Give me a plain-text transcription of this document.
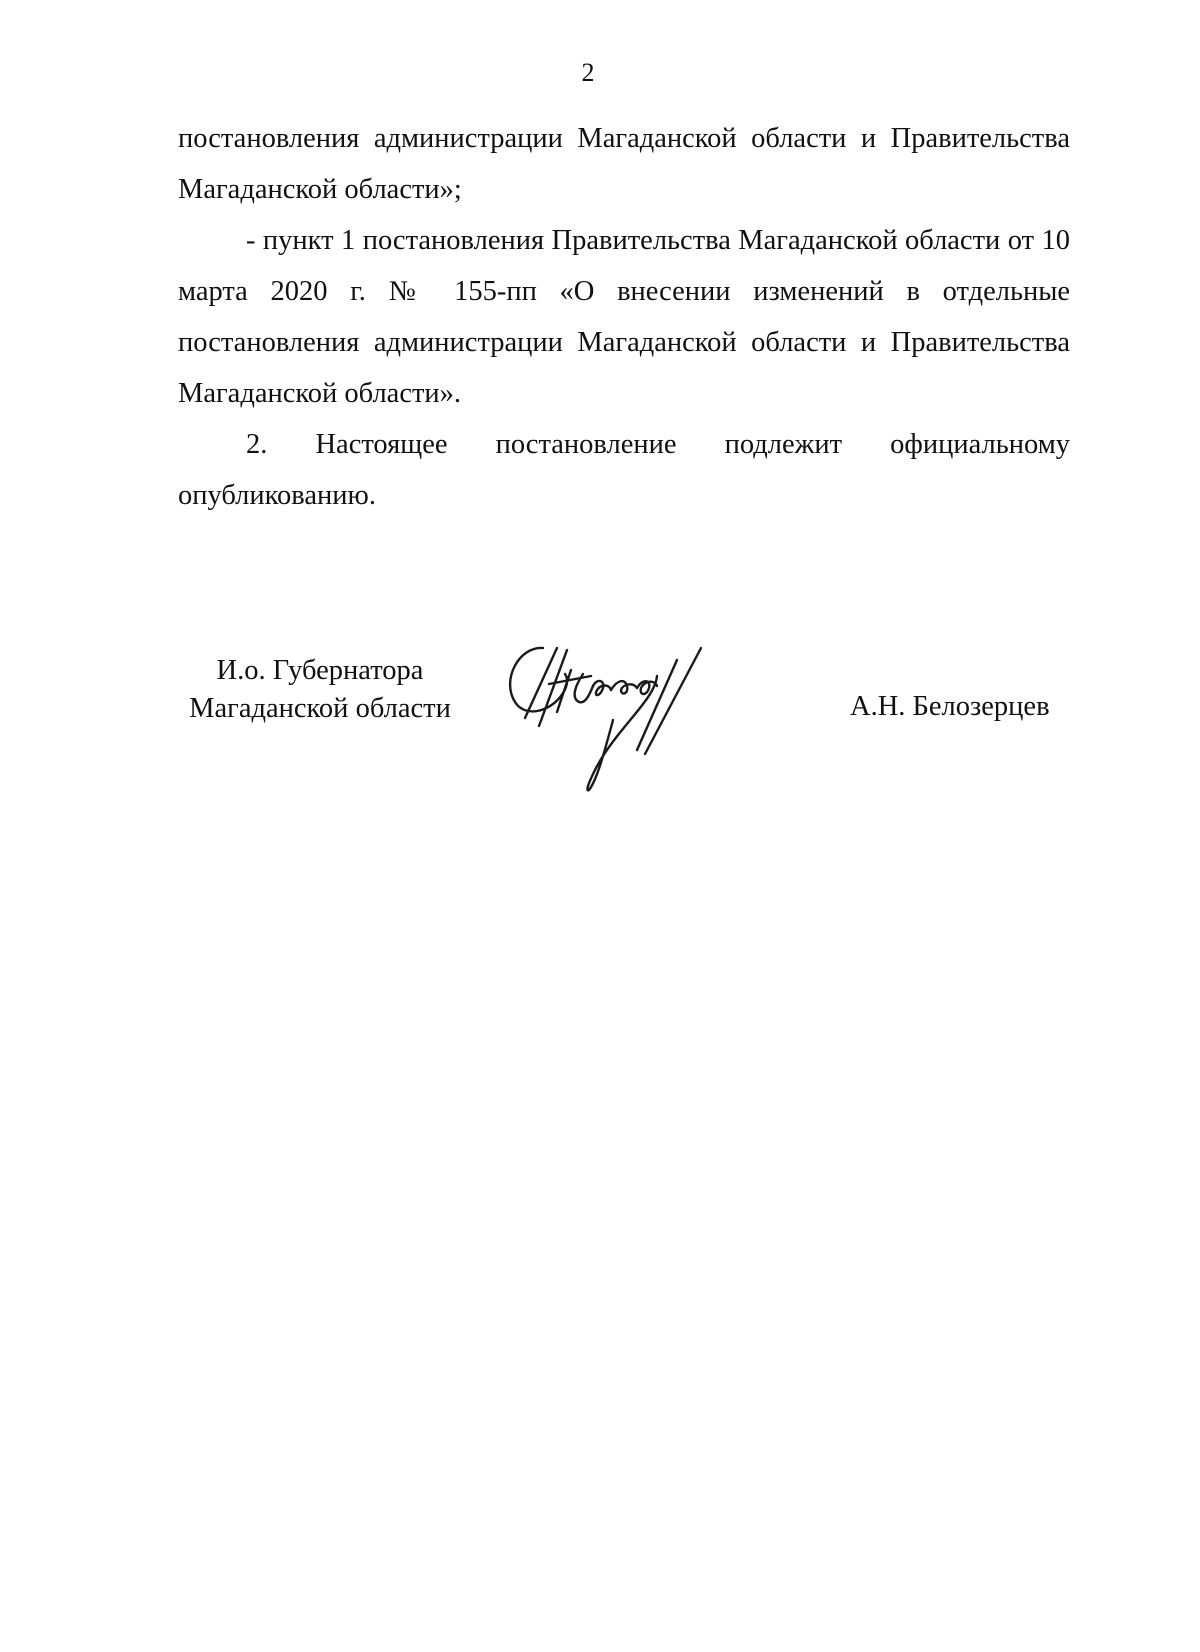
2

постановления администрации Магаданской области и Правительства

Магаданской области»;

- пункт 1 постановления Правительства Магаданской области от 10 марта 2020 г. № 155-пп «О внесении изменений в отдельные постановления администрации Магаданской области и Правительства Магаданской области».

2. Настоящее постановление подлежит официальному

опубликованию.

И.о. Губернатора
Магаданской области	А.Н. Белозерцев
